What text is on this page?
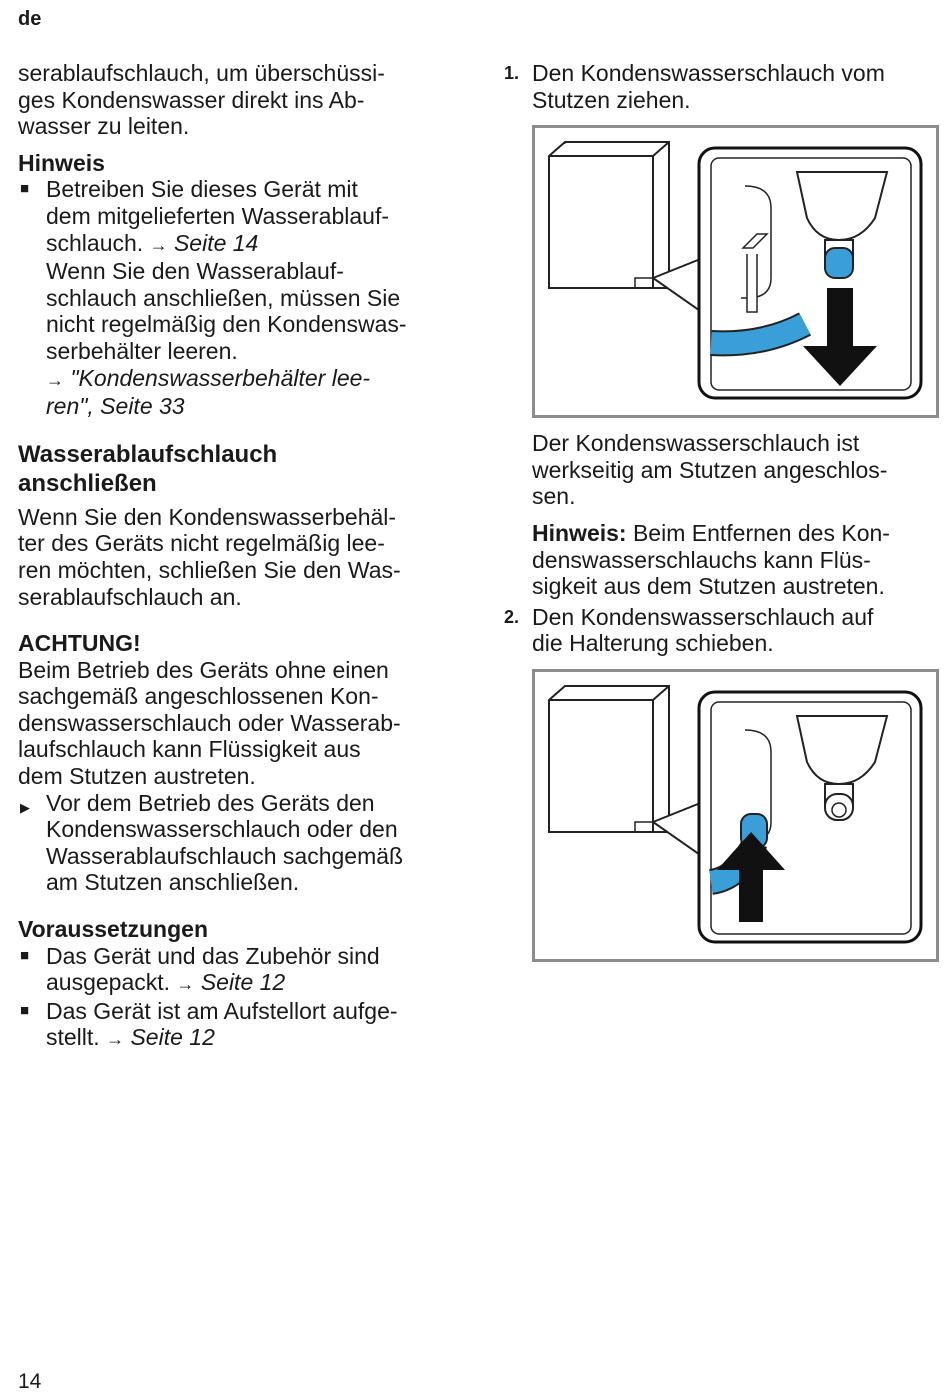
de

serablaufschlauch, um überschüssi-

ges Kondenswasser direkt ins Ab-

wasser zu leiten.

Hinweis

■ Betreiben Sie dieses Gerät mit

dem mitgelieferten Wasserablauf-

schlauch. → Seite 14

Wenn Sie den Wasserablauf-

schlauch anschließen, müssen Sie

nicht regelmäßig den Kondenswas-

serbehälter leeren.

→ "Kondenswasserbehälter lee-

ren", Seite 33

Wasserablaufschlauch
anschließen

Wenn Sie den Kondenswasserbehäl-

ter des Geräts nicht regelmäßig lee-

ren möchten, schließen Sie den Was-

serablaufschlauch an.

ACHTUNG!

Beim Betrieb des Geräts ohne einen

sachgemäß angeschlossenen Kon-

denswasserschlauch oder Wasserab-

laufschlauch kann Flüssigkeit aus

dem Stutzen austreten.

▶ Vor dem Betrieb des Geräts den

Kondenswasserschlauch oder den

Wasserablaufschlauch sachgemäß

am Stutzen anschließen.

Voraussetzungen

■ Das Gerät und das Zubehör sind

ausgepackt. → Seite 12

■ Das Gerät ist am Aufstellort aufge-

stellt. → Seite 12

1. Den Kondenswasserschlauch vom

Stutzen ziehen.

Der Kondenswasserschlauch ist

werkseitig am Stutzen angeschlos-

sen.

Hinweis: Beim Entfernen des Kon-

denswasserschlauchs kann Flüs-

sigkeit aus dem Stutzen austreten.

2. Den Kondenswasserschlauch auf

die Halterung schieben.

14
